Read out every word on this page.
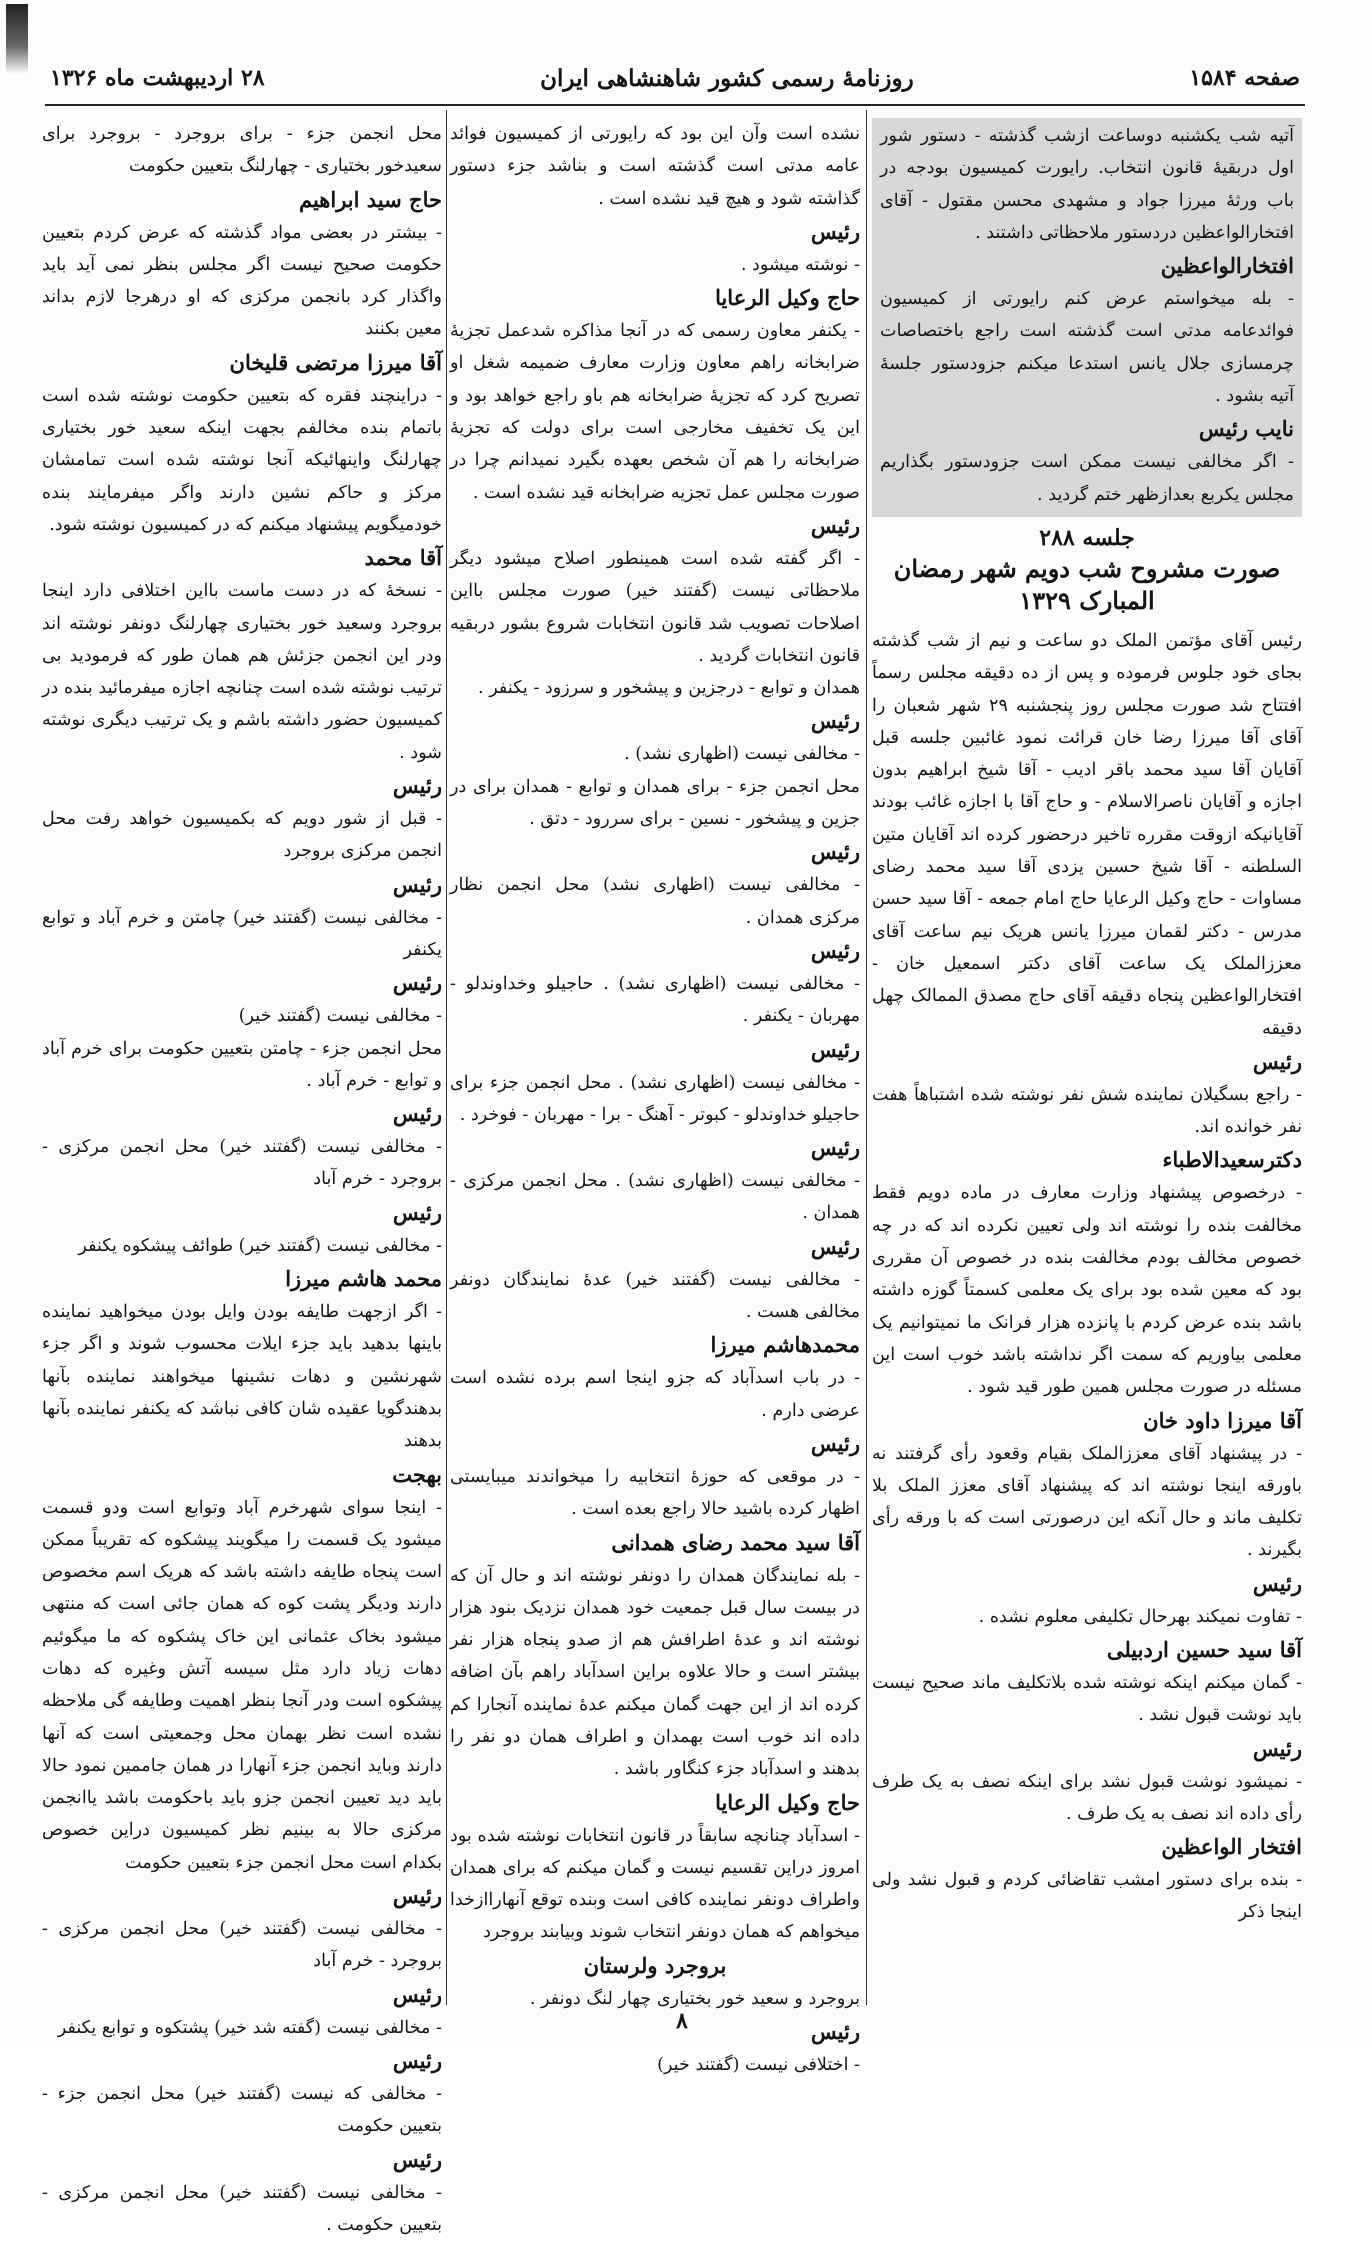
صفحه ۱۵۸۴
روزنامهٔ رسمی کشور شاهنشاهی ایران
۲۸ اردیبهشت ماه ۱۳۲۶

آتیه شب یکشنبه دوساعت ازشب گذشته - دستور شور اول دربقیهٔ قانون انتخاب. رایورت کمیسیون بودجه در باب ورثهٔ میرزا جواد و مشهدی محسن مقتول - آقای افتخارالواعظین دردستور ملاحظاتی داشتند .

افتخارالواعظین
- بله میخواستم عرض کنم رایورتی از کمیسیون فوائدعامه مدتی است گذشته است راجع باختصاصات چرمسازی جلال یانس استدعا میکنم جزودستور جلسهٔ آتیه بشود .

نایب رئیس
- اگر مخالفی نیست ممکن است جزودستور بگذاریم مجلس یکربع بعدازظهر ختم گردید .

جلسه ۲۸۸
صورت مشروح شب دویم شهر رمضان المبارک ۱۳۲۹

رئیس آقای مؤتمن الملک دو ساعت و نیم از شب گذشته بجای خود جلوس فرموده و پس از ده دقیقه مجلس رسماً افتتاح شد صورت مجلس روز پنجشنبه ۲۹ شهر شعبان را آقای آقا میرزا رضا خان قرائت نمود غائبین جلسه قبل آقایان آقا سید محمد باقر ادیب - آقا شیخ ابراهیم بدون اجازه و آقایان ناصرالاسلام - و حاج آقا با اجازه غائب بودند آقایانیکه ازوقت مقرره تاخیر درحضور کرده اند آقایان متین السلطنه - آقا شیخ حسین یزدی آقا سید محمد رضای مساوات - حاج وکیل الرعایا حاج امام جمعه - آقا سید حسن مدرس - دکتر لقمان میرزا یانس هریک نیم ساعت آقای معززالملک یک ساعت آقای دکتر اسمعیل خان - افتخارالواعظین پنجاه دقیقه آقای حاج مصدق الممالک چهل دقیقه

رئیس
- راجع بسگیلان نماینده شش نفر نوشته شده اشتباهاً هفت نفر خوانده اند.

دکترسعیدالاطباء
- درخصوص پیشنهاد وزارت معارف در ماده دویم فقط مخالفت بنده را نوشته اند ولی تعیین نکرده اند که در چه خصوص مخالف بودم مخالفت بنده در خصوص آن مقرری بود که معین شده بود برای یک معلمی کسمتاً گوزه داشته باشد بنده عرض کردم با پانزده هزار فرانک ما نمیتوانیم یک معلمی بیاوریم که سمت اگر نداشته باشد خوب است این مسئله در صورت مجلس همین طور قید شود .

آقا میرزا داود خان
- در پیشنهاد آقای معززالملک بقیام وقعود رأی گرفتند نه باورقه اینجا نوشته اند که پیشنهاد آقای معزز الملک بلا تکلیف ماند و حال آنکه این درصورتی است که با ورقه رأی بگیرند .

رئیس
- تفاوت نمیکند بهرحال تکلیفی معلوم نشده .

آقا سید حسین اردبیلی
- گمان میکنم اینکه نوشته شده بلاتکلیف ماند صحیح نیست باید نوشت قبول نشد .

رئیس
- نمیشود نوشت قبول نشد برای اینکه نصف به یک طرف رأی داده اند نصف به یک طرف .

افتخار الواعظین
- بنده برای دستور امشب تقاضائی کردم و قبول نشد ولی اینجا ذکر

نشده است وآن این بود که رایورتی از کمیسیون فوائد عامه مدتی است گذشته است و بناشد جزء دستور گذاشته شود و هیچ قید نشده است .

رئیس
- نوشته میشود .

حاج وکیل الرعایا
- یکنفر معاون رسمی که در آنجا مذاکره شدعمل تجزیهٔ ضرابخانه راهم معاون وزارت معارف ضمیمه شغل او تصریح کرد که تجزیهٔ ضرابخانه هم باو راجع خواهد بود و این یک تخفیف مخارجی است برای دولت که تجزیهٔ ضرابخانه را هم آن شخص بعهده بگیرد نمیدانم چرا در صورت مجلس عمل تجزیه ضرابخانه قید نشده است .

رئیس
- اگر گفته شده است همینطور اصلاح میشود دیگر ملاحظاتی نیست (گفتند خیر) صورت مجلس بااین اصلاحات تصویب شد قانون انتخابات شروع بشور دربقیه قانون انتخابات گردید .

همدان و توابع - درجزین و پیشخور و سرزود - یکنفر .

رئیس
- مخالفی نیست (اظهاری نشد) .

محل انجمن جزء - برای همدان و توابع - همدان برای در جزین و پیشخور - نسین - برای سررود - دتق .

رئیس
- مخالفی نیست (اظهاری نشد) محل انجمن نظار مرکزی همدان .

رئیس
- مخالفی نیست (اظهاری نشد) . حاجیلو وخداوندلو - مهربان - یکنفر .

رئیس
- مخالفی نیست (اظهاری نشد) . محل انجمن جزء برای حاجیلو خداوندلو - کبوتر - آهنگ - برا - مهربان - فوخرد .

رئیس
- مخالفی نیست (اظهاری نشد) . محل انجمن مرکزی - همدان .

رئیس
- مخالفی نیست (گفتند خیر) عدهٔ نمایندگان دونفر مخالفی هست .

محمدهاشم میرزا
- در باب اسدآباد که جزو اینجا اسم برده نشده است عرضی دارم .

رئیس
- در موقعی که حوزهٔ انتخابیه را میخواندند میبایستی اظهار کرده باشید حالا راجع بعده است .

آقا سید محمد رضای همدانی
- بله نمایندگان همدان را دونفر نوشته اند و حال آن که در بیست سال قبل جمعیت خود همدان نزدیک بنود هزار نوشته اند و عدهٔ اطرافش هم از صدو پنجاه هزار نفر بیشتر است و حالا علاوه براین اسدآباد راهم بآن اضافه کرده اند از این جهت گمان میکنم عدهٔ نماینده آنجارا کم داده اند خوب است بهمدان و اطراف همان دو نفر را بدهند و اسدآباد جزء کنگاور باشد .

حاج وکیل الرعایا
- اسدآباد چنانچه سابقاً در قانون انتخابات نوشته شده بود امروز دراین تقسیم نیست و گمان میکنم که برای همدان واطراف دونفر نماینده کافی است وبنده توقع آنهاراازخدا میخواهم که همان دونفر انتخاب شوند وبیابند بروجرد

بروجرد ولرستان

بروجرد و سعید خور بختیاری چهار لنگ دونفر .

رئیس
- اختلافی نیست (گفتند خیر)

محل انجمن جزء - برای بروجرد - بروجرد برای سعیدخور بختیاری - چهارلنگ بتعیین حکومت

حاج سید ابراهیم
- بیشتر در بعضی مواد گذشته که عرض کردم بتعیین حکومت صحیح نیست اگر مجلس بنظر نمی آید باید واگذار کرد بانجمن مرکزی که او درهرجا لازم بداند معین بکنند

آقا میرزا مرتضی قلیخان
- دراینچند فقره که بتعیین حکومت نوشته شده است باتمام بنده مخالفم بجهت اینکه سعید خور بختیاری چهارلنگ واینهائیکه آنجا نوشته شده است تمامشان مرکز و حاکم نشین دارند واگر میفرمایند بنده خودمیگویم پیشنهاد میکنم که در کمیسیون نوشته شود.

آقا محمد
- نسخهٔ که در دست ماست بااین اختلافی دارد اینجا بروجرد وسعید خور بختیاری چهارلنگ دونفر نوشته اند ودر این انجمن جزئش هم همان طور که فرمودید بی ترتیب نوشته شده است چنانچه اجازه میفرمائید بنده در کمیسیون حضور داشته باشم و یک ترتیب دیگری نوشته شود .

رئیس
- قبل از شور دویم که بکمیسیون خواهد رفت محل انجمن مرکزی بروجرد

رئیس
- مخالفی نیست (گفتند خیر) چامتن و خرم آباد و توابع یکنفر

رئیس
- مخالفی نیست (گفتند خیر)

محل انجمن جزء - چامتن بتعیین حکومت برای خرم آباد و توابع - خرم آباد .

رئیس
- مخالفی نیست (گفتند خیر) محل انجمن مرکزی - بروجرد - خرم آباد

رئیس
- مخالفی نیست (گفتند خیر) طوائف پیشکوه یکنفر

محمد هاشم میرزا
- اگر ازجهت طایفه بودن وایل بودن میخواهید نماینده باینها بدهید باید جزء ایلات محسوب شوند و اگر جزء شهرنشین و دهات نشینها میخواهند نماینده بآنها بدهندگویا عقیده شان کافی نباشد که یکنفر نماینده بآنها بدهند

بهجت
- اینجا سوای شهرخرم آباد وتوابع است ودو قسمت میشود یک قسمت را میگویند پیشکوه که تقریباً ممکن است پنجاه طایفه داشته باشد که هریک اسم مخصوص دارند ودیگر پشت کوه که همان جائی است که منتهی میشود بخاک عثمانی این خاک پشکوه که ما میگوئیم دهات زیاد دارد مثل سیسه آتش وغیره که دهات پیشکوه است ودر آنجا بنظر اهمیت وطایفه گی ملاحظه نشده است نظر بهمان محل وجمعیتی است که آنها دارند وباید انجمن جزء آنهارا در همان جاممین نمود حالا باید دید تعیین انجمن جزو باید باحکومت باشد یاانجمن مرکزی حالا به بینیم نظر کمیسیون دراین خصوص بکدام است محل انجمن جزء بتعیین حکومت

رئیس
- مخالفی نیست (گفتند خیر) محل انجمن مرکزی - بروجرد - خرم آباد

رئیس
- مخالفی نیست (گفته شد خیر) پشتکوه و توابع یکنفر

رئیس
- مخالفی که نیست (گفتند خیر) محل انجمن جزء - بتعیین حکومت

رئیس
- مخالفی نیست (گفتند خیر) محل انجمن مرکزی - بتعیین حکومت .

۸
